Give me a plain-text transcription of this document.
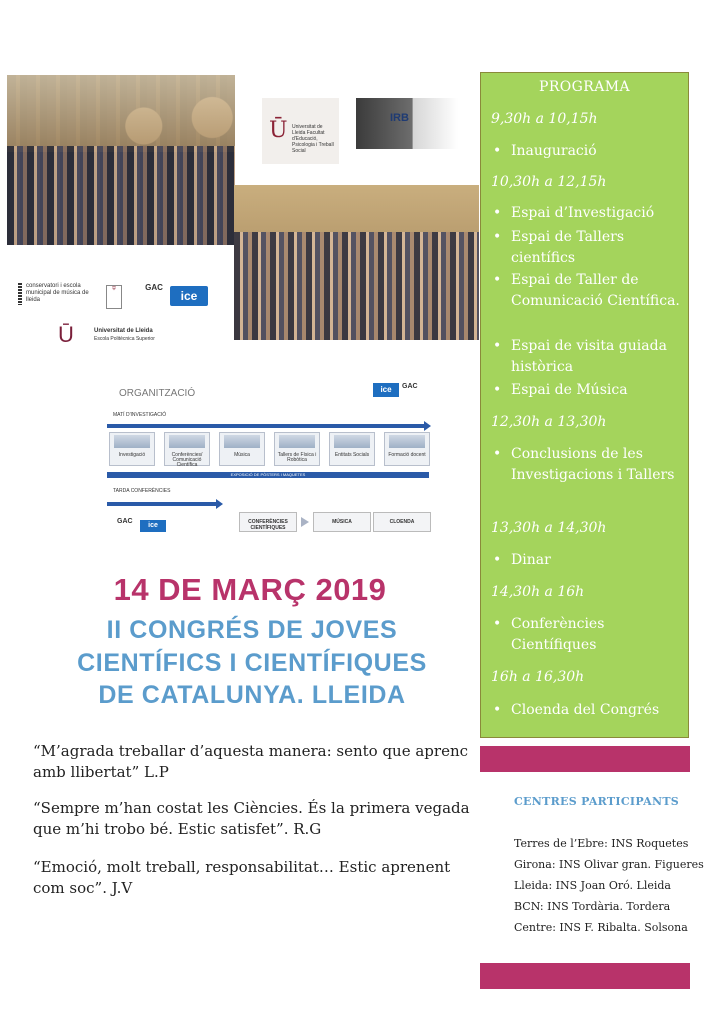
Ū Universitat de Lleida Facultat d'Educació, Psicologia i Treball Social
IRB
conservatori i escola municipal de música de lleida
⛨	GAC
ice
Ū	Universitat de Lleida
Escola Politècnica Superior
ORGANITZACIÓ	ice	GAC
MATÍ D'INVESTIGACIÓ
Investigació	Conferències/ Comunicació Científica
Música	Tallers de Física i Robòtica
Entitats Socials	Formació docent
EXPOSICIÓ DE PÒSTERS I MAQUETES
TARDA CONFERÈNCIES
GAC
ice	CONFERÈNCIES CIENTÍFIQUES
MÚSICA	CLOENDA
14 DE MARÇ 2019
II CONGRÉS DE JOVES
CIENTÍFICS I CIENTÍFIQUES
DE CATALUNYA. LLEIDA
“M’agrada treballar d’aquesta manera: sento que aprenc amb llibertat” L.P
“Sempre m’han costat les Ciències. És la primera vegada que m’hi trobo bé. Estic satisfet”. R.G
“Emoció, molt treball, responsabilitat… Estic aprenent com soc”. J.V
PROGRAMA
9,30h a 10,15h
• Inauguració
10,30h a 12,15h
• Espai d’Investigació
• Espai de Tallers científics
• Espai de Taller de Comunicació Científica.
• Espai de visita guiada històrica
• Espai de Música
12,30h a 13,30h
• Conclusions de les Investigacions i Tallers
13,30h a 14,30h
• Dinar
14,30h a 16h
• Conferències Científiques
16h a 16,30h
• Cloenda del Congrés
CENTRES PARTICIPANTS
Terres de l’Ebre: INS Roquetes
Girona: INS Olivar gran. Figueres
Lleida: INS Joan Oró. Lleida
BCN: INS Tordària. Tordera
Centre: INS F. Ribalta. Solsona
